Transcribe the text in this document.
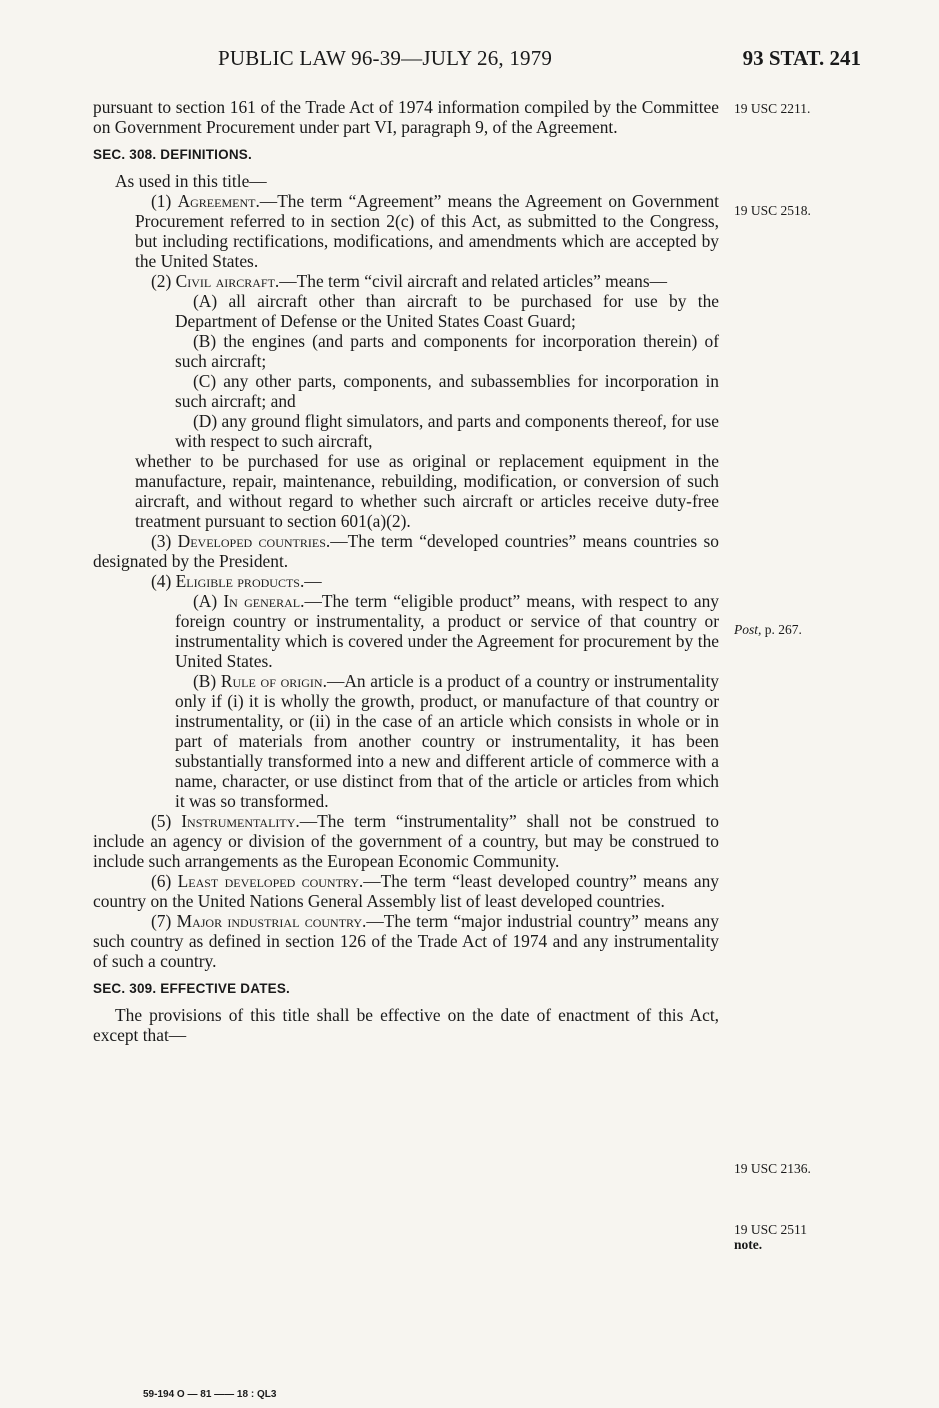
PUBLIC LAW 96-39—JULY 26, 1979	93 STAT. 241

pursuant to section 161 of the Trade Act of 1974 information compiled by the Committee on Government Procurement under part VI, paragraph 9, of the Agreement.

SEC. 308. DEFINITIONS.

As used in this title—

(1) Agreement.—The term “Agreement” means the Agreement on Government Procurement referred to in section 2(c) of this Act, as submitted to the Congress, but including rectifications, modifications, and amendments which are accepted by the United States.

(2) Civil aircraft.—The term “civil aircraft and related articles” means—

(A) all aircraft other than aircraft to be purchased for use by the Department of Defense or the United States Coast Guard;

(B) the engines (and parts and components for incorporation therein) of such aircraft;

(C) any other parts, components, and subassemblies for incorporation in such aircraft; and

(D) any ground flight simulators, and parts and components thereof, for use with respect to such aircraft,

whether to be purchased for use as original or replacement equipment in the manufacture, repair, maintenance, rebuilding, modification, or conversion of such aircraft, and without regard to whether such aircraft or articles receive duty-free treatment pursuant to section 601(a)(2).

(3) Developed countries.—The term “developed countries” means countries so designated by the President.

(4) Eligible products.—

(A) In general.—The term “eligible product” means, with respect to any foreign country or instrumentality, a product or service of that country or instrumentality which is covered under the Agreement for procurement by the United States.

(B) Rule of origin.—An article is a product of a country or instrumentality only if (i) it is wholly the growth, product, or manufacture of that country or instrumentality, or (ii) in the case of an article which consists in whole or in part of materials from another country or instrumentality, it has been substantially transformed into a new and different article of commerce with a name, character, or use distinct from that of the article or articles from which it was so transformed.

(5) Instrumentality.—The term “instrumentality” shall not be construed to include an agency or division of the government of a country, but may be construed to include such arrangements as the European Economic Community.

(6) Least developed country.—The term “least developed country” means any country on the United Nations General Assembly list of least developed countries.

(7) Major industrial country.—The term “major industrial country” means any such country as defined in section 126 of the Trade Act of 1974 and any instrumentality of such a country.

SEC. 309. EFFECTIVE DATES.

The provisions of this title shall be effective on the date of enactment of this Act, except that—

19 USC 2211.
19 USC 2518.
Post, p. 267.
19 USC 2136.
19 USC 2511
note.
59-194 O — 81 —— 18 : QL3
